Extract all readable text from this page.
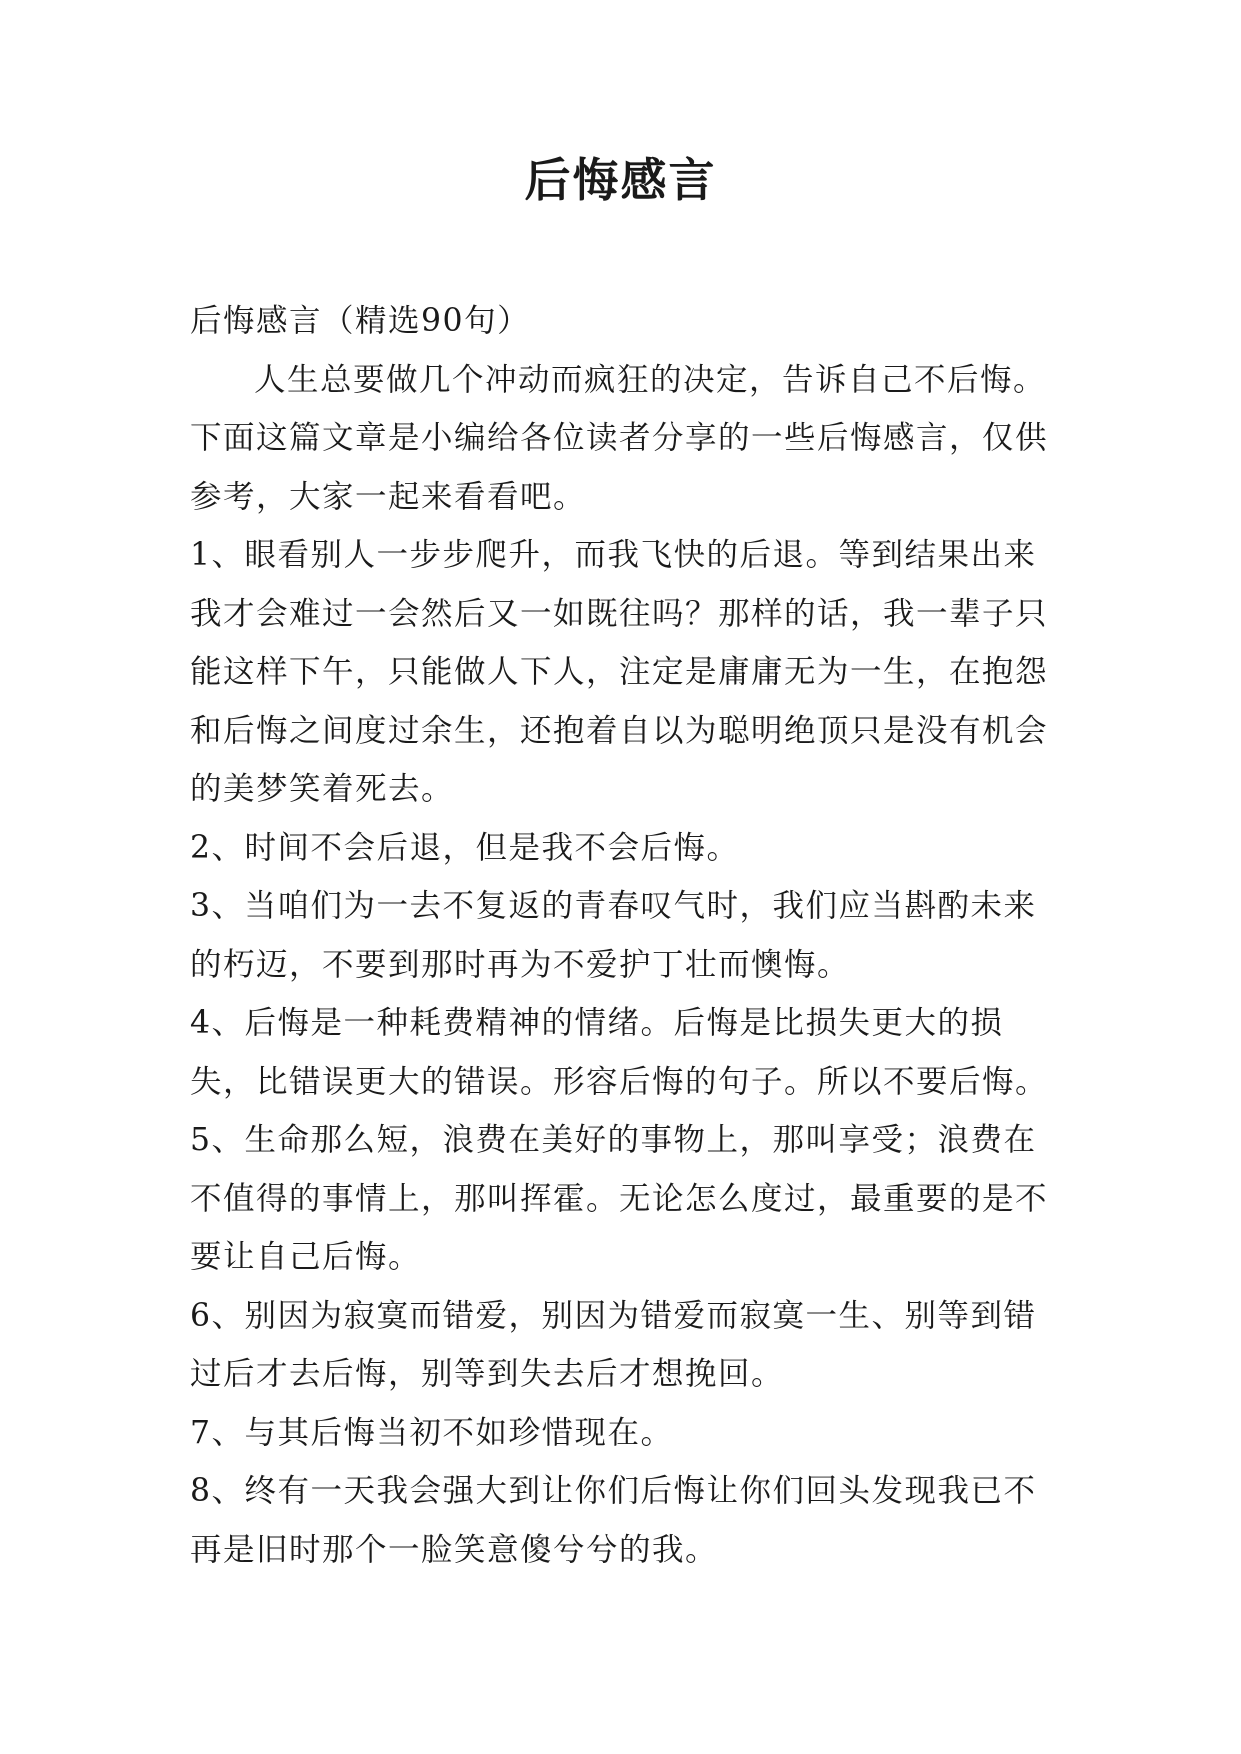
后悔感言

后悔感言（精选90句）

人生总要做几个冲动而疯狂的决定，告诉自己不后悔。下面这篇文章是小编给各位读者分享的一些后悔感言，仅供参考，大家一起来看看吧。

1、眼看别人一步步爬升，而我飞快的后退。等到结果出来我才会难过一会然后又一如既往吗？那样的话，我一辈子只能这样下午，只能做人下人，注定是庸庸无为一生，在抱怨和后悔之间度过余生，还抱着自以为聪明绝顶只是没有机会的美梦笑着死去。

2、时间不会后退，但是我不会后悔。

3、当咱们为一去不复返的青春叹气时，我们应当斟酌未来的朽迈，不要到那时再为不爱护丁壮而懊悔。

4、后悔是一种耗费精神的情绪。后悔是比损失更大的损失，比错误更大的错误。形容后悔的句子。所以不要后悔。

5、生命那么短，浪费在美好的事物上，那叫享受；浪费在不值得的事情上，那叫挥霍。无论怎么度过，最重要的是不要让自己后悔。

6、别因为寂寞而错爱，别因为错爱而寂寞一生、别等到错过后才去后悔，别等到失去后才想挽回。

7、与其后悔当初不如珍惜现在。

8、终有一天我会强大到让你们后悔让你们回头发现我已不再是旧时那个一脸笑意傻兮兮的我。
